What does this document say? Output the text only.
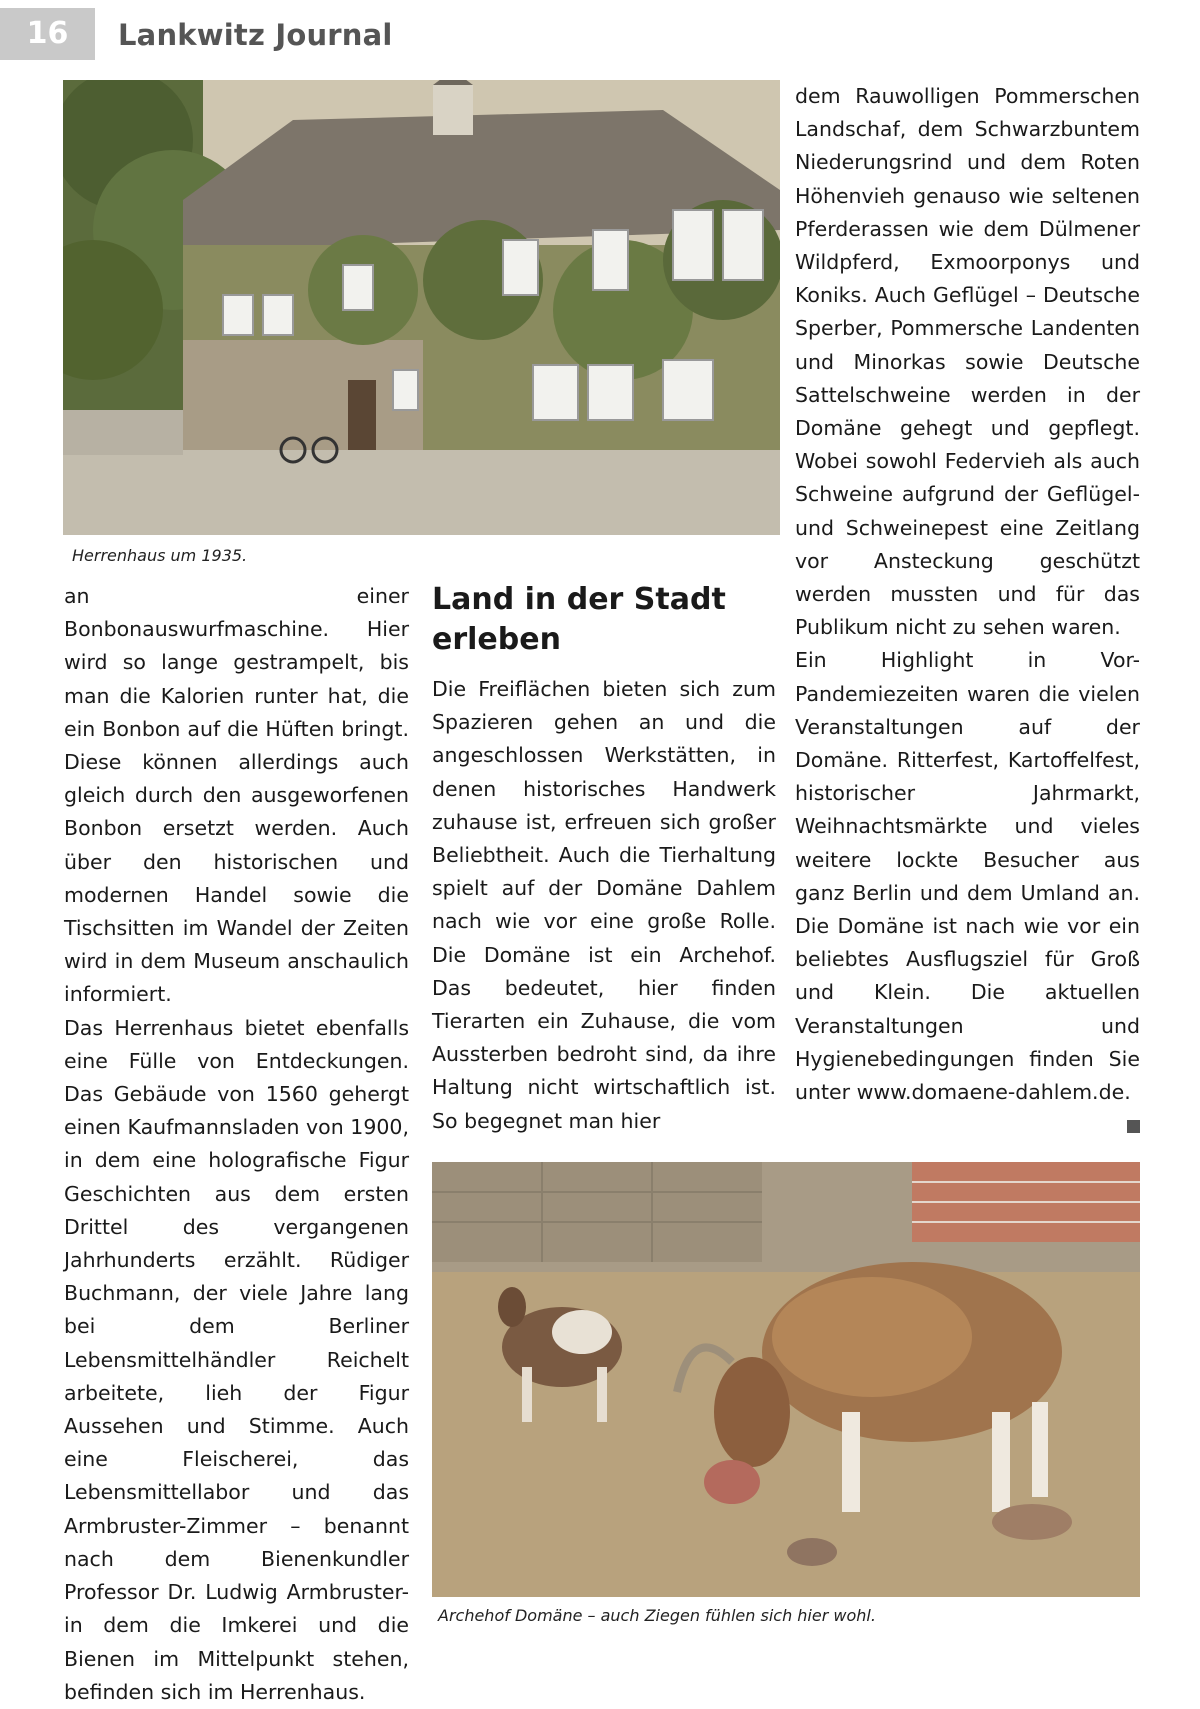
16	Lankwitz Journal
Herrenhaus um 1935.

an einer Bonbonauswurfmaschine. Hier wird so lange gestrampelt, bis man die Kalorien runter hat, die ein Bonbon auf die Hüften bringt. Diese können allerdings auch gleich durch den ausgeworfenen Bonbon ersetzt werden. Auch über den historischen und modernen Handel sowie die Tischsitten im Wandel der Zeiten wird in dem Museum anschaulich informiert.

Das Herrenhaus bietet ebenfalls eine Fülle von Entdeckungen. Das Gebäude von 1560 gehergt einen Kaufmannsladen von 1900, in dem eine holografische Figur Geschichten aus dem ersten Drittel des vergangenen Jahrhunderts erzählt. Rüdiger Buchmann, der viele Jahre lang bei dem Berliner Lebensmittelhändler Reichelt arbeitete, lieh der Figur Aussehen und Stimme. Auch eine Fleischerei, das Lebensmittellabor und das Armbruster-Zimmer – benannt nach dem Bienenkundler Professor Dr. Ludwig Armbruster- in dem die Imkerei und die Bienen im Mittelpunkt stehen, befinden sich im Herrenhaus.

Land in der Stadt erleben

Die Freiflächen bieten sich zum Spazieren gehen an und die angeschlossen Werkstätten, in denen historisches Handwerk zuhause ist, erfreuen sich großer Beliebtheit. Auch die Tierhaltung spielt auf der Domäne Dahlem nach wie vor eine große Rolle. Die Domäne ist ein Archehof. Das bedeutet, hier finden Tierarten ein Zuhause, die vom Aussterben bedroht sind, da ihre Haltung nicht wirtschaftlich ist. So begegnet man hier

dem Rauwolligen Pommerschen Landschaf, dem Schwarzbuntem Niederungsrind und dem Roten Höhenvieh genauso wie seltenen Pferderassen wie dem Dülmener Wildpferd, Exmoorponys und Koniks. Auch Geflügel – Deutsche Sperber, Pommersche Landenten und Minorkas sowie Deutsche Sattelschweine werden in der Domäne gehegt und gepflegt. Wobei sowohl Federvieh als auch Schweine aufgrund der Geflügel- und Schweinepest eine Zeitlang vor Ansteckung geschützt werden mussten und für das Publikum nicht zu sehen waren.

Ein Highlight in Vor-Pandemiezeiten waren die vielen Veranstaltungen auf der Domäne. Ritterfest, Kartoffelfest, historischer Jahrmarkt, Weihnachtsmärkte und vieles weitere lockte Besucher aus ganz Berlin und dem Umland an. Die Domäne ist nach wie vor ein beliebtes Ausflugsziel für Groß und Klein. Die aktuellen Veranstaltungen und Hygienebedingungen finden Sie unter www.domaene-dahlem.de.

Archehof Domäne – auch Ziegen fühlen sich hier wohl.
